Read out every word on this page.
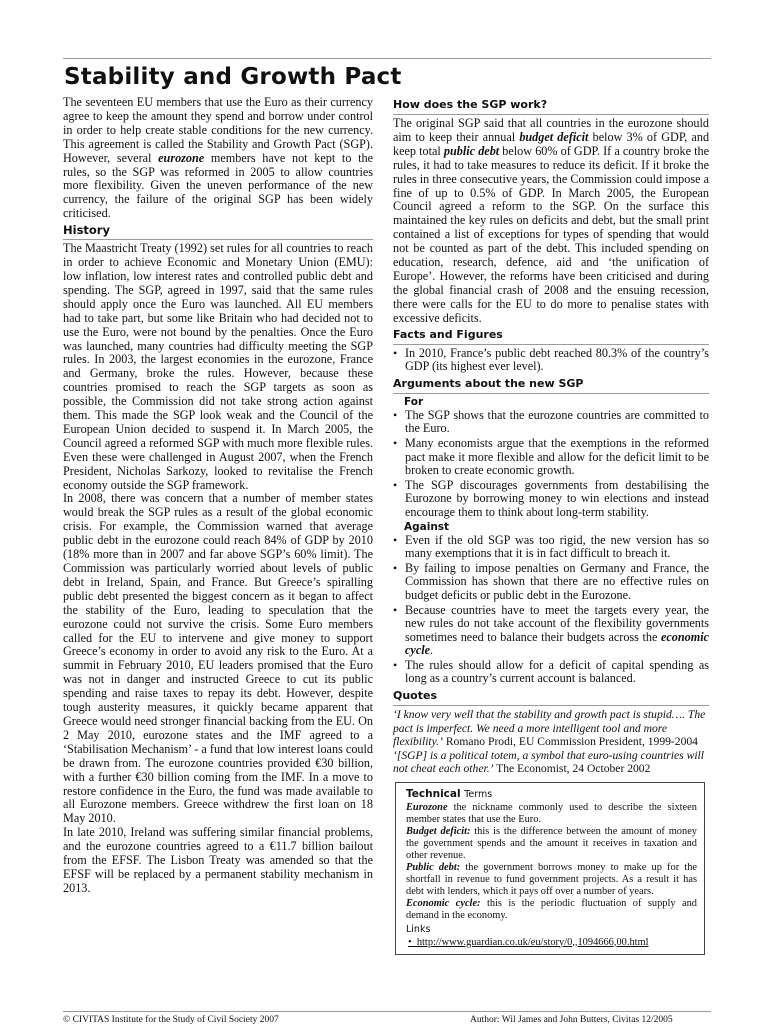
Stability and Growth Pact

The seventeen EU members that use the Euro as their currency agree to keep the amount they spend and borrow under control in order to help create stable conditions for the new currency. This agreement is called the Stability and Growth Pact (SGP). However, several eurozone members have not kept to the rules, so the SGP was reformed in 2005 to allow countries more flexibility. Given the uneven performance of the new currency, the failure of the original SGP has been widely criticised.

History

The Maastricht Treaty (1992) set rules for all countries to reach in order to achieve Economic and Monetary Union (EMU): low inflation, low interest rates and controlled public debt and spending. The SGP, agreed in 1997, said that the same rules should apply once the Euro was launched. All EU members had to take part, but some like Britain who had decided not to use the Euro, were not bound by the penalties. Once the Euro was launched, many countries had difficulty meeting the SGP rules. In 2003, the largest economies in the eurozone, France and Germany, broke the rules. However, because these countries promised to reach the SGP targets as soon as possible, the Commission did not take strong action against them. This made the SGP look weak and the Council of the European Union decided to suspend it. In March 2005, the Council agreed a reformed SGP with much more flexible rules. Even these were challenged in August 2007, when the French President, Nicholas Sarkozy, looked to revitalise the French economy outside the SGP framework.

In 2008, there was concern that a number of member states would break the SGP rules as a result of the global economic crisis. For example, the Commission warned that average public debt in the eurozone could reach 84% of GDP by 2010 (18% more than in 2007 and far above SGP’s 60% limit). The Commission was particularly worried about levels of public debt in Ireland, Spain, and France. But Greece’s spiralling public debt presented the biggest concern as it began to affect the stability of the Euro, leading to speculation that the eurozone could not survive the crisis. Some Euro members called for the EU to intervene and give money to support Greece’s economy in order to avoid any risk to the Euro. At a summit in February 2010, EU leaders promised that the Euro was not in danger and instructed Greece to cut its public spending and raise taxes to repay its debt. However, despite tough austerity measures, it quickly became apparent that Greece would need stronger financial backing from the EU. On 2 May 2010, eurozone states and the IMF agreed to a ‘Stabilisation Mechanism’ - a fund that low interest loans could be drawn from. The eurozone countries provided €30 billion, with a further €30 billion coming from the IMF. In a move to restore confidence in the Euro, the fund was made available to all Eurozone members. Greece withdrew the first loan on 18 May 2010.

In late 2010, Ireland was suffering similar financial problems, and the eurozone countries agreed to a €11.7 billion bailout from the EFSF. The Lisbon Treaty was amended so that the EFSF will be replaced by a permanent stability mechanism in 2013.

How does the SGP work?

The original SGP said that all countries in the eurozone should aim to keep their annual budget deficit below 3% of GDP, and keep total public debt below 60% of GDP. If a country broke the rules, it had to take measures to reduce its deficit. If it broke the rules in three consecutive years, the Commission could impose a fine of up to 0.5% of GDP. In March 2005, the European Council agreed a reform to the SGP. On the surface this maintained the key rules on deficits and debt, but the small print contained a list of exceptions for types of spending that would not be counted as part of the debt. This included spending on education, research, defence, aid and ‘the unification of Europe’. However, the reforms have been criticised and during the global financial crash of 2008 and the ensuing recession, there were calls for the EU to do more to penalise states with excessive deficits.

Facts and Figures
• In 2010, France’s public debt reached 80.3% of the country’s GDP (its highest ever level).
Arguments about the new SGP
For
• The SGP shows that the eurozone countries are committed to the Euro.
• Many economists argue that the exemptions in the reformed pact make it more flexible and allow for the deficit limit to be broken to create economic growth.
• The SGP discourages governments from destabilising the Eurozone by borrowing money to win elections and instead encourage them to think about long-term stability.
Against
• Even if the old SGP was too rigid, the new version has so many exemptions that it is in fact difficult to breach it.
• By failing to impose penalties on Germany and France, the Commission has shown that there are no effective rules on budget deficits or public debt in the Eurozone.
• Because countries have to meet the targets every year, the new rules do not take account of the flexibility governments sometimes need to balance their budgets across the economic cycle.
• The rules should allow for a deficit of capital spending as long as a country’s current account is balanced.
Quotes

‘I know very well that the stability and growth pact is stupid…. The pact is imperfect. We need a more intelligent tool and more flexibility.’ Romano Prodi, EU Commission President, 1999-2004

‘[SGP] is a political totem, a symbol that euro-using countries will not cheat each other.’ The Economist, 24 October 2002

Technical Terms
Eurozone the nickname commonly used to describe the sixteen member states that use the Euro.
Budget deficit: this is the difference between the amount of money the government spends and the amount it receives in taxation and other revenue.
Public debt: the government borrows money to make up for the shortfall in revenue to fund government projects. As a result it has debt with lenders, which it pays off over a number of years.
Economic cycle: this is the periodic fluctuation of supply and demand in the economy.
Links
•  http://www.guardian.co.uk/eu/story/0,,1094666,00.html
© CIVITAS Institute for the Study of Civil Society 2007	Author: Wil James and John Butters, Civitas 12/2005
